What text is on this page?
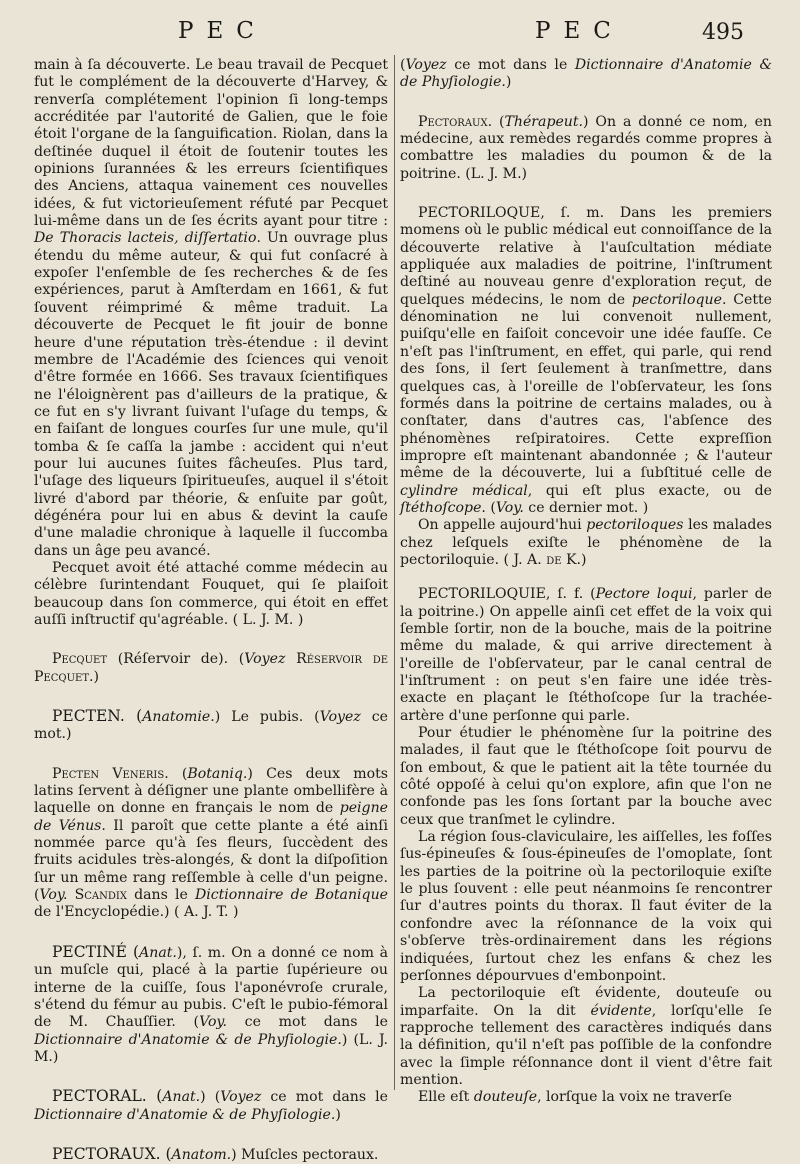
PEC	PEC	495

main à ſa découverte. Le beau travail de Pecquet fut le complément de la découverte d'Harvey, & renverſa complétement l'opinion ſi long-temps accréditée par l'autorité de Galien, que le foie étoit l'organe de la ſanguification. Riolan, dans la deſtinée duquel il étoit de ſoutenir toutes les opinions ſurannées & les erreurs ſcientifiques des Anciens, attaqua vainement ces nouvelles idées, & fut victorieuſement réfuté par Pecquet lui-même dans un de ſes écrits ayant pour titre : De Thoracis lacteis, diſſertatio. Un ouvrage plus étendu du même auteur, & qui fut conſacré à expoſer l'enſemble de ſes recherches & de ſes expériences, parut à Amſterdam en 1661, & fut ſouvent réimprimé & même traduit. La découverte de Pecquet le fit jouir de bonne heure d'une réputation très-étendue : il devint membre de l'Académie des ſciences qui venoit d'être formée en 1666. Ses travaux ſcientifiques ne l'éloignèrent pas d'ailleurs de la pratique, & ce fut en s'y livrant ſuivant l'uſage du temps, & en faiſant de longues courſes ſur une mule, qu'il tomba & ſe caſſa la jambe : accident qui n'eut pour lui aucunes ſuites fâcheuſes. Plus tard, l'uſage des liqueurs ſpiritueuſes, auquel il s'étoit livré d'abord par théorie, & enſuite par goût, dégénéra pour lui en abus & devint la cauſe d'une maladie chronique à laquelle il ſuccomba dans un âge peu avancé.

Pecquet avoit été attaché comme médecin au célèbre ſurintendant Fouquet, qui ſe plaiſoit beaucoup dans ſon commerce, qui étoit en effet auſſi inſtructif qu'agréable. ( L. J. M. )

Pecquet (Réſervoir de). (Voyez Réservoir de Pecquet.)

PECTEN. (Anatomie.) Le pubis. (Voyez ce mot.)

Pecten Veneris. (Botaniq.) Ces deux mots latins ſervent à déſigner une plante ombellifère à laquelle on donne en français le nom de peigne de Vénus. Il paroît que cette plante a été ainſi nommée parce qu'à ſes fleurs, ſuccèdent des fruits acidules très-alongés, & dont la diſpoſition ſur un même rang reſſemble à celle d'un peigne. (Voy. Scandix dans le Dictionnaire de Botanique de l'Encyclopédie.) ( A. J. T. )

PECTINÉ (Anat.), ſ. m. On a donné ce nom à un muſcle qui, placé à la partie ſupérieure ou interne de la cuiſſe, ſous l'aponévroſe crurale, s'étend du fémur au pubis. C'eſt le pubio-fémoral de M. Chauſſier. (Voy. ce mot dans le Dictionnaire d'Anatomie & de Phyſiologie.) (L. J. M.)

PECTORAL. (Anat.) (Voyez ce mot dans le Dictionnaire d'Anatomie & de Phyſiologie.)

PECTORAUX. (Anatom.) Muſcles pectoraux.

(Voyez ce mot dans le Dictionnaire d'Anatomie & de Phyſiologie.)

Pectoraux. (Thérapeut.) On a donné ce nom, en médecine, aux remèdes regardés comme propres à combattre les maladies du poumon & de la poitrine. (L. J. M.)

PECTORILOQUE, ſ. m. Dans les premiers momens où le public médical eut connoiſſance de la découverte relative à l'auſcultation médiate appliquée aux maladies de poitrine, l'inſtrument deſtiné au nouveau genre d'exploration reçut, de quelques médecins, le nom de pectoriloque. Cette dénomination ne lui convenoit nullement, puiſqu'elle en faiſoit concevoir une idée fauſſe. Ce n'eſt pas l'inſtrument, en effet, qui parle, qui rend des ſons, il ſert ſeulement à tranſmettre, dans quelques cas, à l'oreille de l'obſervateur, les ſons formés dans la poitrine de certains malades, ou à conſtater, dans d'autres cas, l'abſence des phénomènes reſpiratoires. Cette expreſſion impropre eſt maintenant abandonnée ; & l'auteur même de la découverte, lui a ſubſtitué celle de cylindre médical, qui eſt plus exacte, ou de ſtéthoſcope. (Voy. ce dernier mot. )

On appelle aujourd'hui pectoriloques les malades chez leſquels exiſte le phénomène de la pectoriloquie. ( J. A. de K.)

PECTORILOQUIE, ſ. f. (Pectore loqui, parler de la poitrine.) On appelle ainſi cet effet de la voix qui ſemble ſortir, non de la bouche, mais de la poitrine même du malade, & qui arrive directement à l'oreille de l'obſervateur, par le canal central de l'inſtrument : on peut s'en faire une idée très-exacte en plaçant le ſtéthoſcope ſur la trachée-artère d'une perſonne qui parle.

Pour étudier le phénomène ſur la poitrine des malades, il faut que le ſtéthoſcope ſoit pourvu de ſon embout, & que le patient ait la tête tournée du côté oppoſé à celui qu'on explore, afin que l'on ne confonde pas les ſons ſortant par la bouche avec ceux que tranſmet le cylindre.

La région ſous-claviculaire, les aiſſelles, les foſſes ſus-épineuſes & ſous-épineuſes de l'omoplate, ſont les parties de la poitrine où la pectoriloquie exiſte le plus ſouvent : elle peut néanmoins ſe rencontrer ſur d'autres points du thorax. Il faut éviter de la confondre avec la réſonnance de la voix qui s'obſerve très-ordinairement dans les régions indiquées, ſurtout chez les enfans & chez les perſonnes dépourvues d'embonpoint.

La pectoriloquie eſt évidente, douteuſe ou imparfaite. On la dit évidente, lorſqu'elle ſe rapproche tellement des caractères indiqués dans la définition, qu'il n'eſt pas poſſible de la confondre avec la ſimple réſonnance dont il vient d'être fait mention.

Elle eſt douteuſe, lorſque la voix ne traverſe
